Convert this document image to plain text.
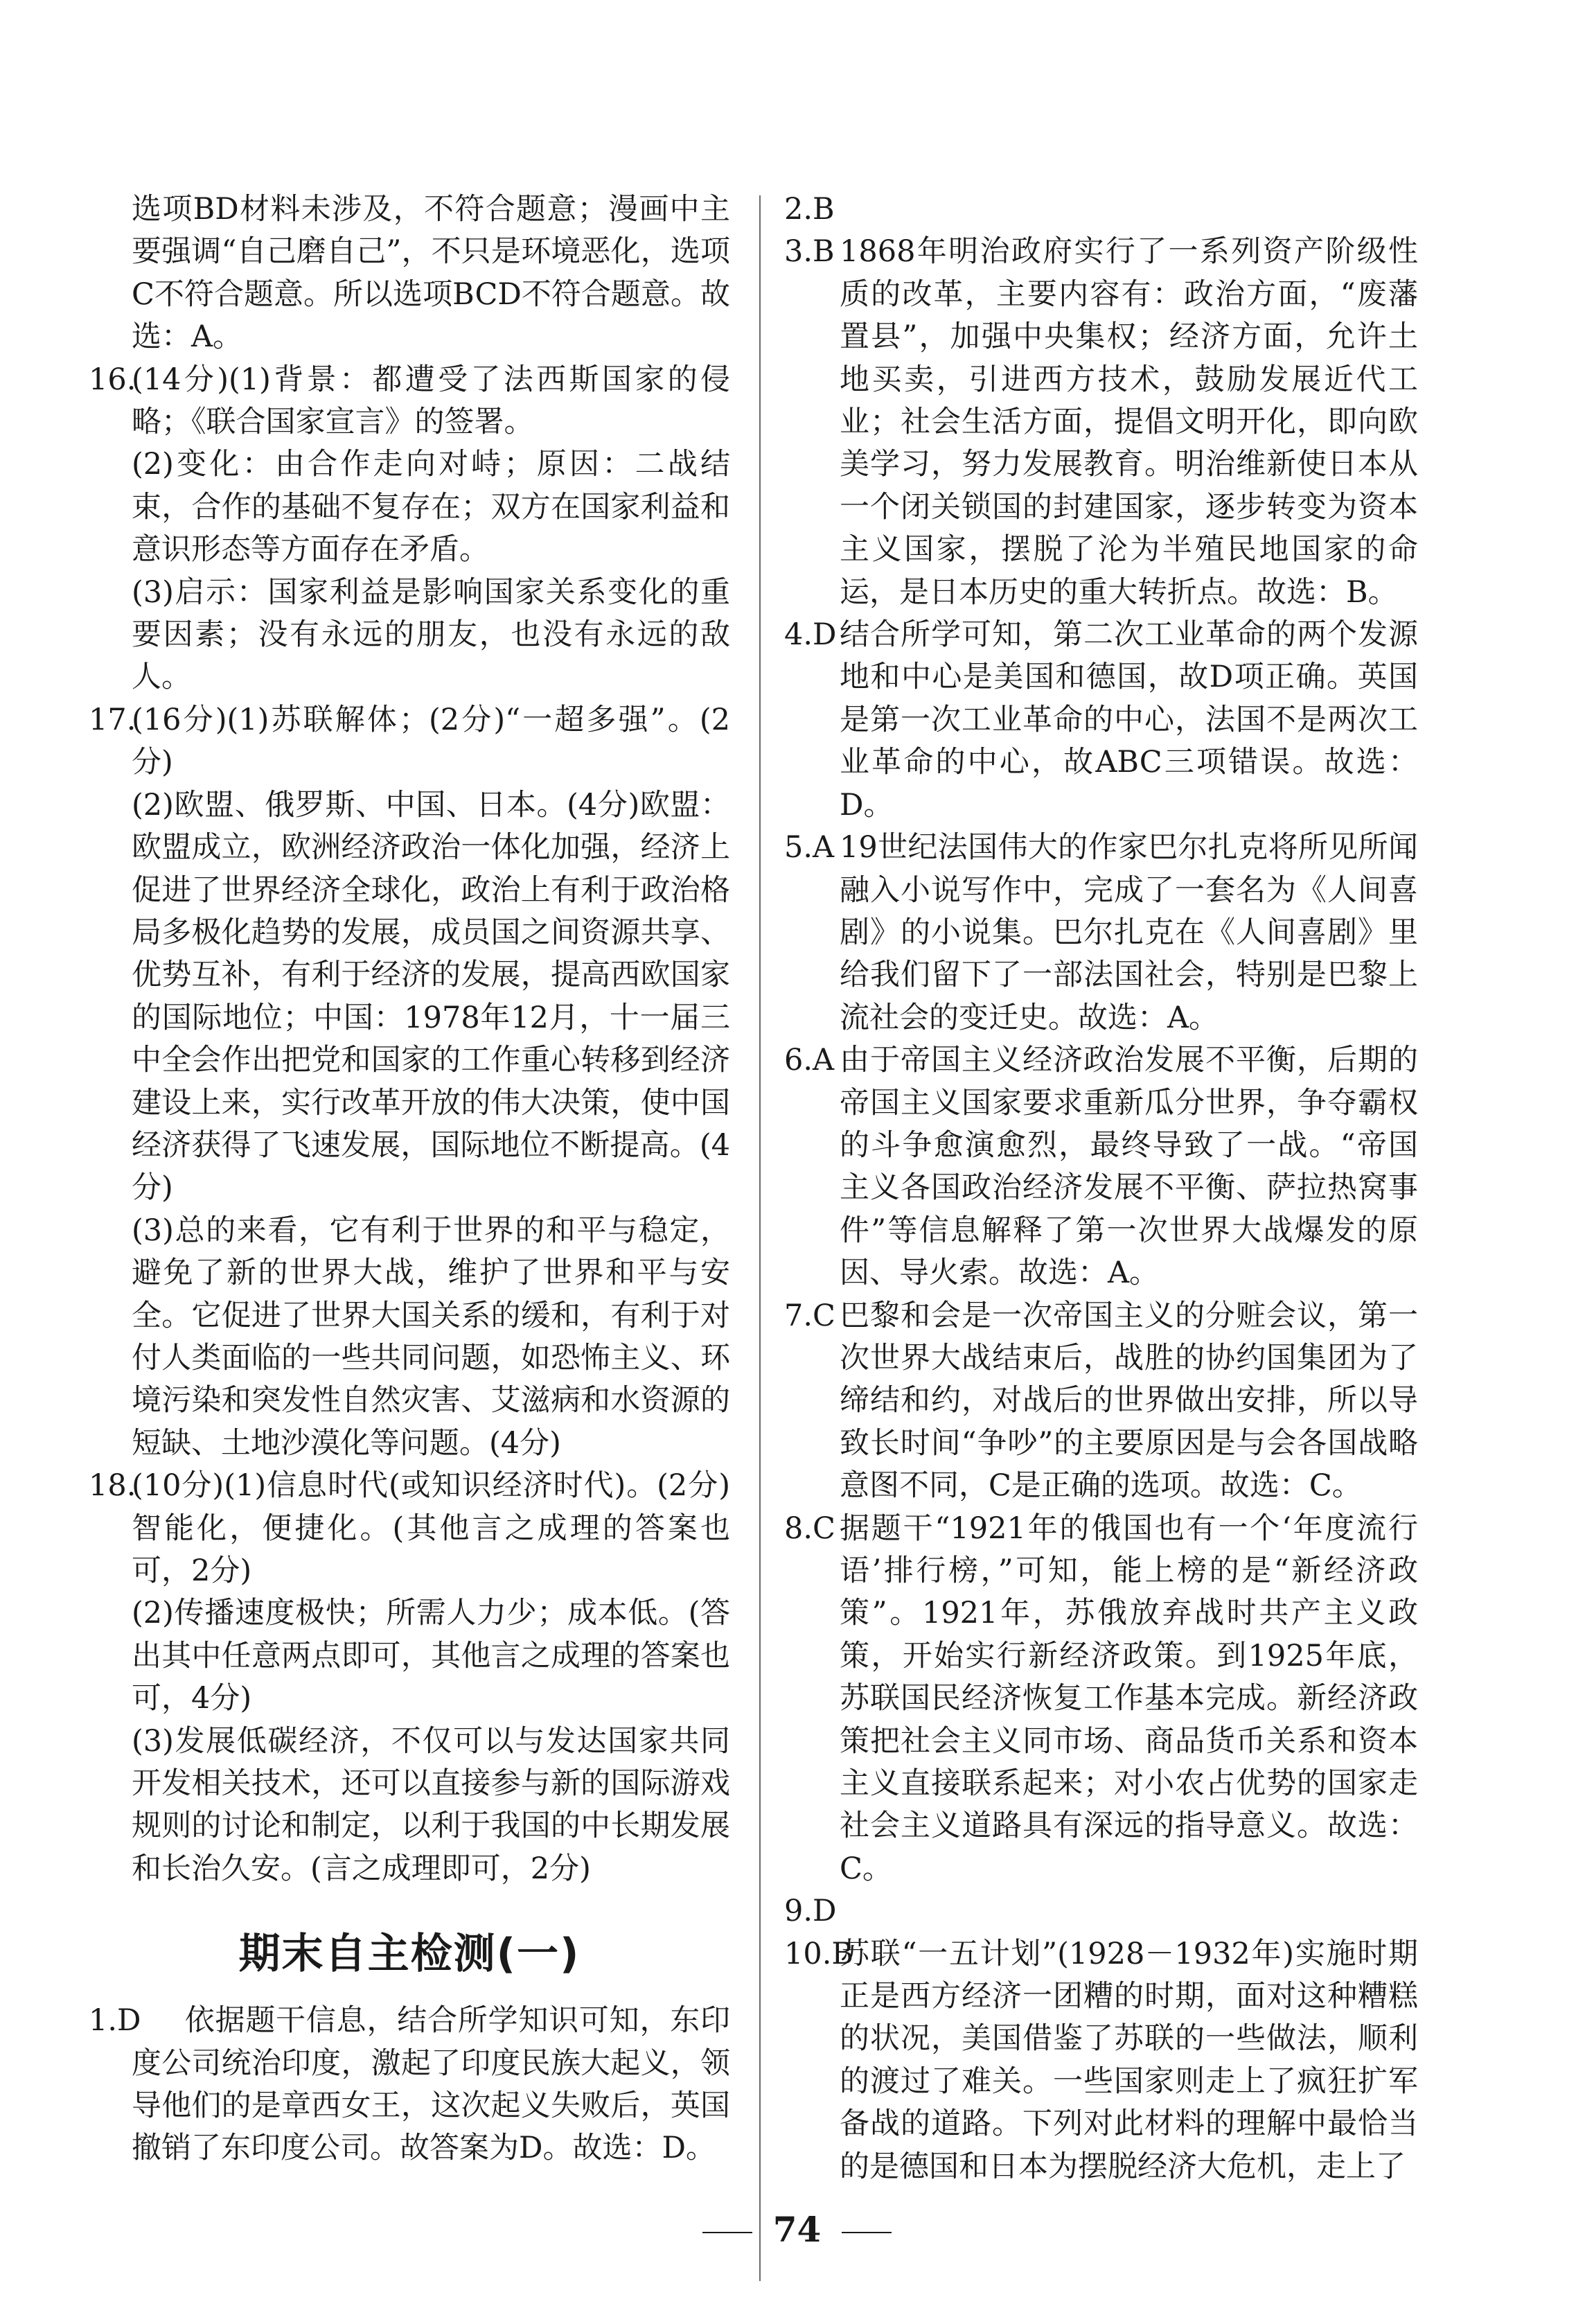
选项BD材料未涉及，不符合题意；漫画中主要强调“自己磨自己”，不只是环境恶化，选项C不符合题意。所以选项BCD不符合题意。故选：A。

16.
(14分)(1)背景：都遭受了法西斯国家的侵略；《联合国家宣言》的签署。
(2)变化：由合作走向对峙；原因：二战结束，合作的基础不复存在；双方在国家利益和意识形态等方面存在矛盾。
(3)启示：国家利益是影响国家关系变化的重要因素；没有永远的朋友，也没有永远的敌人。
17.
(16分)(1)苏联解体；(2分)“一超多强”。(2分)
(2)欧盟、俄罗斯、中国、日本。(4分)欧盟：欧盟成立，欧洲经济政治一体化加强，经济上促进了世界经济全球化，政治上有利于政治格局多极化趋势的发展，成员国之间资源共享、优势互补，有利于经济的发展，提高西欧国家的国际地位；中国：1978年12月，十一届三中全会作出把党和国家的工作重心转移到经济建设上来，实行改革开放的伟大决策，使中国经济获得了飞速发展，国际地位不断提高。(4分)
(3)总的来看，它有利于世界的和平与稳定，避免了新的世界大战，维护了世界和平与安全。它促进了世界大国关系的缓和，有利于对付人类面临的一些共同问题，如恐怖主义、环境污染和突发性自然灾害、艾滋病和水资源的短缺、土地沙漠化等问题。(4分)
18.
(10分)(1)信息时代(或知识经济时代)。(2分)智能化，便捷化。(其他言之成理的答案也可，2分)
(2)传播速度极快；所需人力少；成本低。(答出其中任意两点即可，其他言之成理的答案也可，4分)
(3)发展低碳经济，不仅可以与发达国家共同开发相关技术，还可以直接参与新的国际游戏规则的讨论和制定，以利于我国的中长期发展和长治久安。(言之成理即可，2分)
期末自主检测(一)
1.D	依据题干信息，结合所学知识可知，东印度公司统治印度，激起了印度民族大起义，领导他们的是章西女王，这次起义失败后，英国撤销了东印度公司。故答案为D。故选：D。
2.B

3.B 1868年明治政府实行了一系列资产阶级性质的改革，主要内容有：政治方面，“废藩置县”，加强中央集权；经济方面，允许土地买卖，引进西方技术，鼓励发展近代工业；社会生活方面，提倡文明开化，即向欧美学习，努力发展教育。明治维新使日本从一个闭关锁国的封建国家，逐步转变为资本主义国家，摆脱了沦为半殖民地国家的命运，是日本历史的重大转折点。故选：B。
4.D 结合所学可知，第二次工业革命的两个发源地和中心是美国和德国，故D项正确。英国是第一次工业革命的中心，法国不是两次工业革命的中心，故ABC三项错误。故选：D。
5.A 19世纪法国伟大的作家巴尔扎克将所见所闻融入小说写作中，完成了一套名为《人间喜剧》的小说集。巴尔扎克在《人间喜剧》里给我们留下了一部法国社会，特别是巴黎上流社会的变迁史。故选：A。
6.A 由于帝国主义经济政治发展不平衡，后期的帝国主义国家要求重新瓜分世界，争夺霸权的斗争愈演愈烈，最终导致了一战。“帝国主义各国政治经济发展不平衡、萨拉热窝事件”等信息解释了第一次世界大战爆发的原因、导火索。故选：A。
7.C 巴黎和会是一次帝国主义的分赃会议，第一次世界大战结束后，战胜的协约国集团为了缔结和约，对战后的世界做出安排，所以导致长时间“争吵”的主要原因是与会各国战略意图不同，C是正确的选项。故选：C。
8.C 据题干“1921年的俄国也有一个‘年度流行语’排行榜，”可知，能上榜的是“新经济政策”。1921年，苏俄放弃战时共产主义政策，开始实行新经济政策。到1925年底，苏联国民经济恢复工作基本完成。新经济政策把社会主义同市场、商品货币关系和资本主义直接联系起来；对小农占优势的国家走社会主义道路具有深远的指导意义。故选：C。
9.D

10.B
苏联“一五计划”(1928－1932年)实施时期正是西方经济一团糟的时期，面对这种糟糕的状况，美国借鉴了苏联的一些做法，顺利的渡过了难关。一些国家则走上了疯狂扩军备战的道路。下列对此材料的理解中最恰当的是德国和日本为摆脱经济大危机，走上了
74
